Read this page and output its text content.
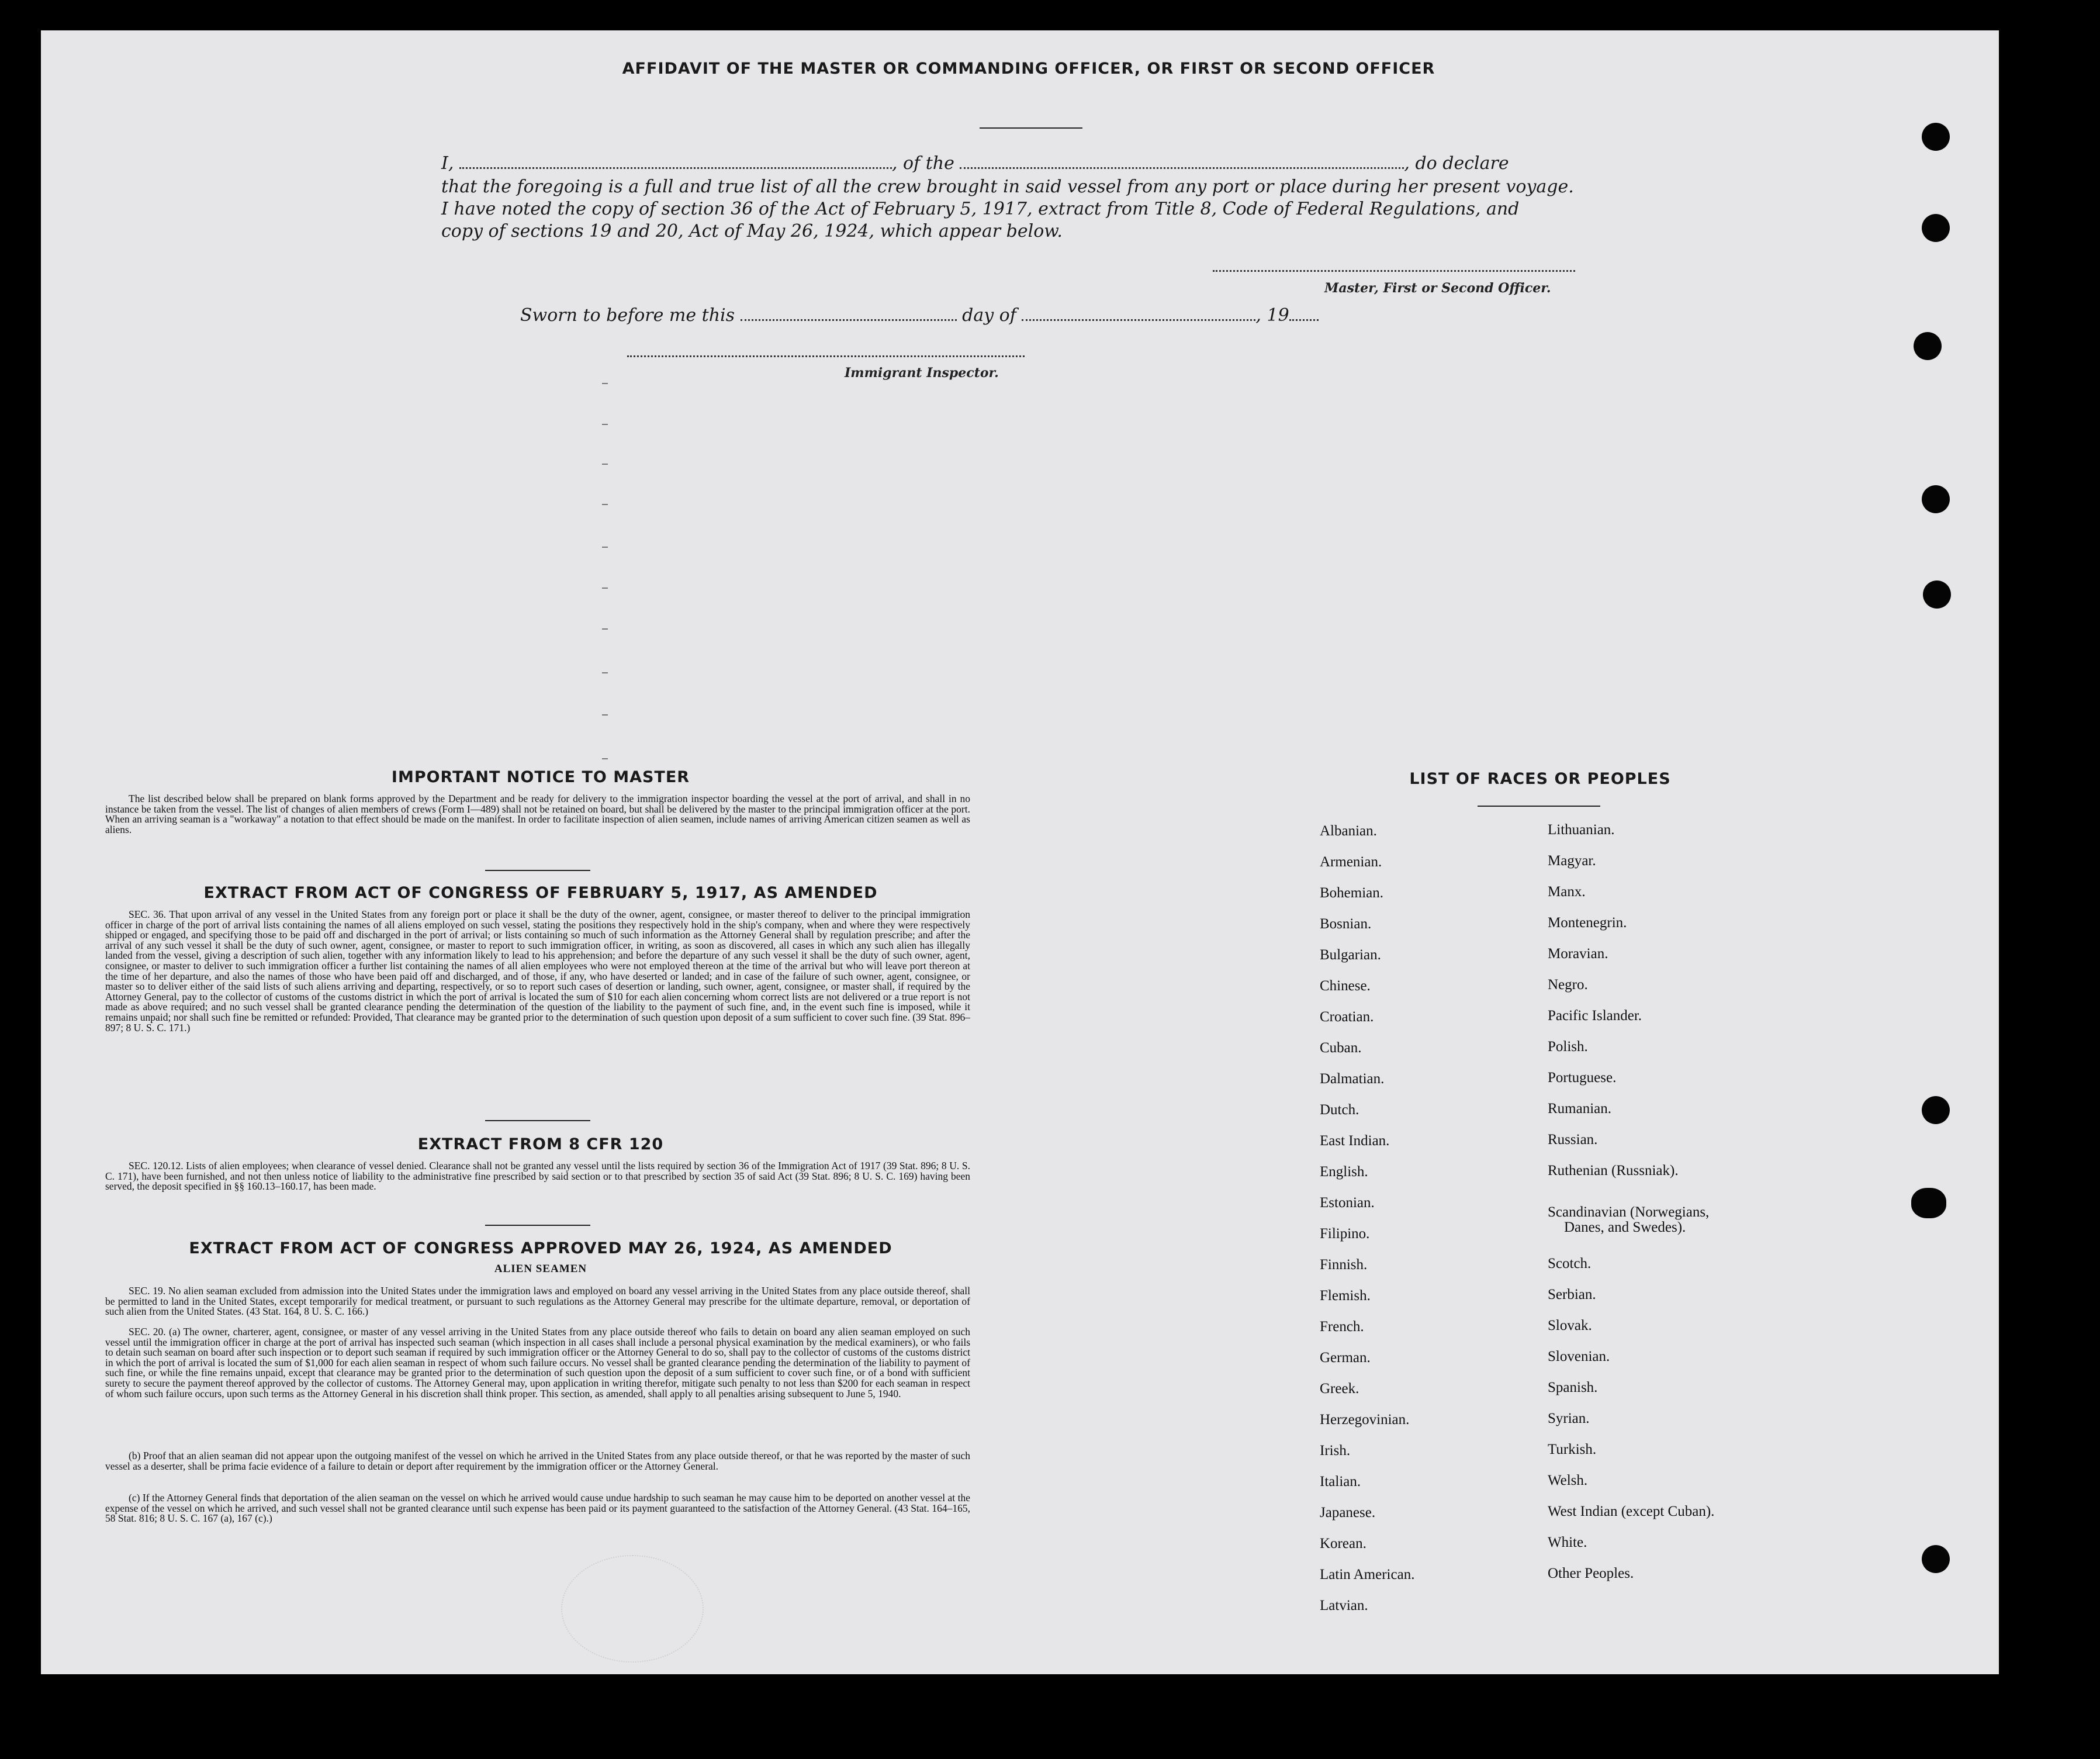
AFFIDAVIT OF THE MASTER OR COMMANDING OFFICER, OR FIRST OR SECOND OFFICER
I,	, of the	, do declare
that the foregoing is a full and true list of all the crew brought in said vessel from any port or place during her present voyage.
I have noted the copy of section 36 of the Act of February 5, 1917, extract from Title 8, Code of Federal Regulations, and
copy of sections 19 and 20, Act of May 26, 1924, which appear below.
Master, First or Second Officer.
Sworn to before me this	day of	, 19
Immigrant Inspector.
IMPORTANT NOTICE TO MASTER
The list described below shall be prepared on blank forms approved by the Department and be ready for delivery to the immigration inspector boarding the vessel at the port of arrival, and shall in no instance be taken from the vessel. The list of changes of alien members of crews (Form I—489) shall not be retained on board, but shall be delivered by the master to the principal immigration officer at the port. When an arriving seaman is a "workaway" a notation to that effect should be made on the manifest. In order to facilitate inspection of alien seamen, include names of arriving American citizen seamen as well as aliens.
EXTRACT FROM ACT OF CONGRESS OF FEBRUARY 5, 1917, AS AMENDED
SEC. 36. That upon arrival of any vessel in the United States from any foreign port or place it shall be the duty of the owner, agent, consignee, or master thereof to deliver to the principal immigration officer in charge of the port of arrival lists containing the names of all aliens employed on such vessel, stating the positions they respectively hold in the ship's company, when and where they were respectively shipped or engaged, and specifying those to be paid off and discharged in the port of arrival; or lists containing so much of such information as the Attorney General shall by regulation prescribe; and after the arrival of any such vessel it shall be the duty of such owner, agent, consignee, or master to report to such immigration officer, in writing, as soon as discovered, all cases in which any such alien has illegally landed from the vessel, giving a description of such alien, together with any information likely to lead to his apprehension; and before the departure of any such vessel it shall be the duty of such owner, agent, consignee, or master to deliver to such immigration officer a further list containing the names of all alien employees who were not employed thereon at the time of the arrival but who will leave port thereon at the time of her departure, and also the names of those who have been paid off and discharged, and of those, if any, who have deserted or landed; and in case of the failure of such owner, agent, consignee, or master so to deliver either of the said lists of such aliens arriving and departing, respectively, or so to report such cases of desertion or landing, such owner, agent, consignee, or master shall, if required by the Attorney General, pay to the collector of customs of the customs district in which the port of arrival is located the sum of $10 for each alien concerning whom correct lists are not delivered or a true report is not made as above required; and no such vessel shall be granted clearance pending the determination of the question of the liability to the payment of such fine, and, in the event such fine is imposed, while it remains unpaid; nor shall such fine be remitted or refunded: Provided, That clearance may be granted prior to the determination of such question upon deposit of a sum sufficient to cover such fine. (39 Stat. 896–897; 8 U. S. C. 171.)
EXTRACT FROM 8 CFR 120
SEC. 120.12. Lists of alien employees; when clearance of vessel denied. Clearance shall not be granted any vessel until the lists required by section 36 of the Immigration Act of 1917 (39 Stat. 896; 8 U. S. C. 171), have been furnished, and not then unless notice of liability to the administrative fine prescribed by said section or to that prescribed by section 35 of said Act (39 Stat. 896; 8 U. S. C. 169) having been served, the deposit specified in §§ 160.13–160.17, has been made.
EXTRACT FROM ACT OF CONGRESS APPROVED MAY 26, 1924, AS AMENDED
ALIEN SEAMEN
SEC. 19. No alien seaman excluded from admission into the United States under the immigration laws and employed on board any vessel arriving in the United States from any place outside thereof, shall be permitted to land in the United States, except temporarily for medical treatment, or pursuant to such regulations as the Attorney General may prescribe for the ultimate departure, removal, or deportation of such alien from the United States. (43 Stat. 164, 8 U. S. C. 166.)
SEC. 20. (a) The owner, charterer, agent, consignee, or master of any vessel arriving in the United States from any place outside thereof who fails to detain on board any alien seaman employed on such vessel until the immigration officer in charge at the port of arrival has inspected such seaman (which inspection in all cases shall include a personal physical examination by the medical examiners), or who fails to detain such seaman on board after such inspection or to deport such seaman if required by such immigration officer or the Attorney General to do so, shall pay to the collector of customs of the customs district in which the port of arrival is located the sum of $1,000 for each alien seaman in respect of whom such failure occurs. No vessel shall be granted clearance pending the determination of the liability to payment of such fine, or while the fine remains unpaid, except that clearance may be granted prior to the determination of such question upon the deposit of a sum sufficient to cover such fine, or of a bond with sufficient surety to secure the payment thereof approved by the collector of customs. The Attorney General may, upon application in writing therefor, mitigate such penalty to not less than $200 for each seaman in respect of whom such failure occurs, upon such terms as the Attorney General in his discretion shall think proper. This section, as amended, shall apply to all penalties arising subsequent to June 5, 1940.
(b) Proof that an alien seaman did not appear upon the outgoing manifest of the vessel on which he arrived in the United States from any place outside thereof, or that he was reported by the master of such vessel as a deserter, shall be prima facie evidence of a failure to detain or deport after requirement by the immigration officer or the Attorney General.
(c) If the Attorney General finds that deportation of the alien seaman on the vessel on which he arrived would cause undue hardship to such seaman he may cause him to be deported on another vessel at the expense of the vessel on which he arrived, and such vessel shall not be granted clearance until such expense has been paid or its payment guaranteed to the satisfaction of the Attorney General. (43 Stat. 164–165, 58 Stat. 816; 8 U. S. C. 167 (a), 167 (c).)
LIST OF RACES OR PEOPLES
Albanian.
Armenian.
Bohemian.
Bosnian.
Bulgarian.
Chinese.
Croatian.
Cuban.
Dalmatian.
Dutch.
East Indian.
English.
Estonian.
Filipino.
Finnish.
Flemish.
French.
German.
Greek.
Herzegovinian.
Irish.
Italian.
Japanese.
Korean.
Latin American.
Latvian.
Lithuanian.
Magyar.
Manx.
Montenegrin.
Moravian.
Negro.
Pacific Islander.
Polish.
Portuguese.
Rumanian.
Russian.
Ruthenian (Russniak).
Scandinavian (Norwegians,
Danes, and Swedes).
Scotch.
Serbian.
Slovak.
Slovenian.
Spanish.
Syrian.
Turkish.
Welsh.
West Indian (except Cuban).
White.
Other Peoples.
